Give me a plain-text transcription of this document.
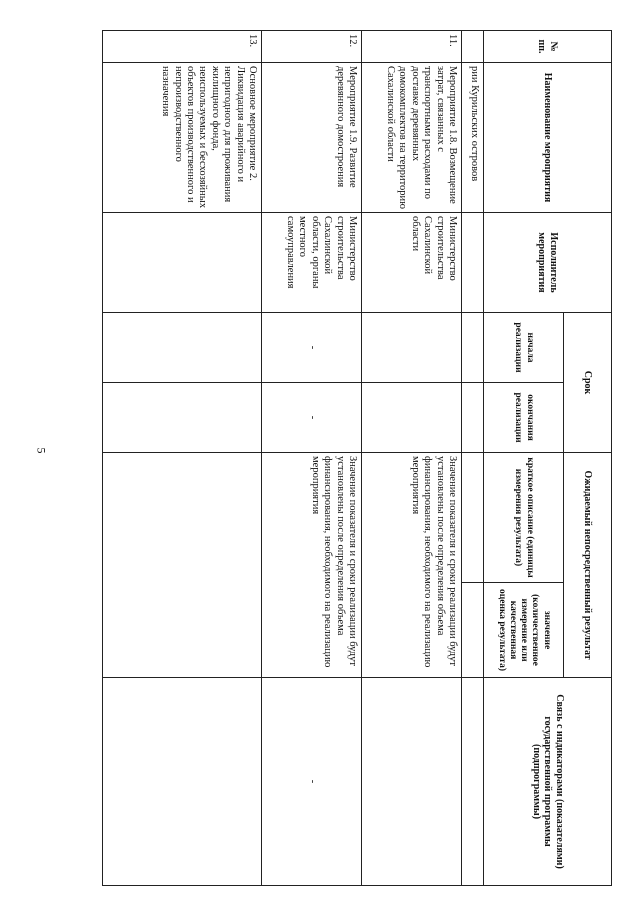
5
№ пп.	Наименование мероприятия	Исполнитель мероприятия	Срок		Ожидаемый непосредственный результат		Связь с индикаторами (показателями) государственной программы (подпрограммы)
			начала реализации	окончания реализации	краткое описание (единицы измерения результата)	значение (количественное измерение или качественная оценка результата)	
	рии Курильских островов						
11.	Мероприятие 1.8. Возмещение затрат, связанных с транспортными расходами по доставке деревянных домокомплектов на территорию Сахалинской области	Министерство строительства Сахалинской области			Значение показателя и сроки реализации будут установлены после определения объема финансирования, необходимого на реализацию мероприятия		
12.	Мероприятие 1.9. Развитие деревянного домостроения	Министерство строительства Сахалинской области, органы местного самоуправления	-	-	Значение показателя и сроки реализации будут установлены после определения объема финансирования, необходимого на реализацию мероприятия		-
13.	Основное мероприятие 2. Ликвидация аварийного и непригодного для проживания жилищного фонда, неиспользуемых и бесхозяйных объектов производственного и непроизводственного назначения						
